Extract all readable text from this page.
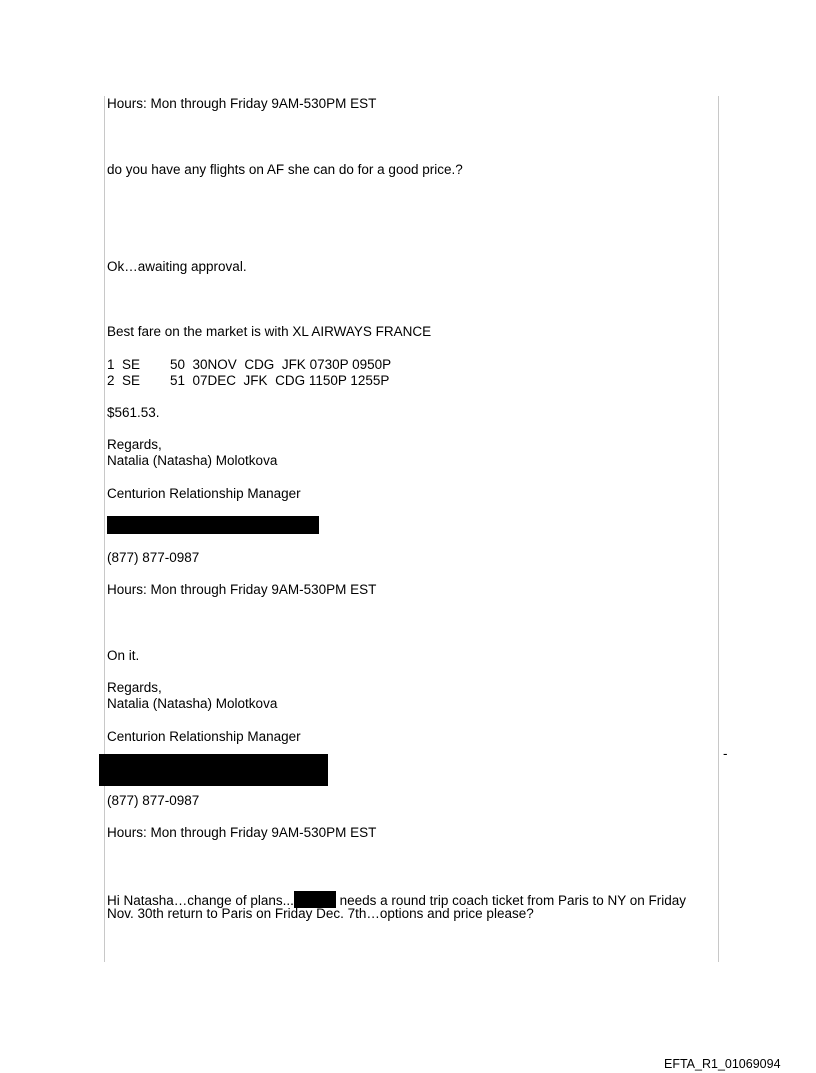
Hours: Mon through Friday 9AM-530PM EST

do you have any flights on AF she can do for a good price.?

Ok…awaiting approval.

Best fare on the market is with XL AIRWAYS FRANCE

1  SE        50  30NOV  CDG  JFK 0730P 0950P

2  SE        51  07DEC  JFK  CDG 1150P 1255P

$561.53.

Regards,

Natalia (Natasha) Molotkova

Centurion Relationship Manager

(877) 877-0987

Hours: Mon through Friday 9AM-530PM EST

On it.

Regards,

Natalia (Natasha) Molotkova

Centurion Relationship Manager

-

(877) 877-0987

Hours: Mon through Friday 9AM-530PM EST

Hi Natasha…change of plans...	needs a round trip coach ticket from Paris to NY on Friday

Nov. 30th return to Paris on Friday Dec. 7th…options and price please?

EFTA_R1_01069094
